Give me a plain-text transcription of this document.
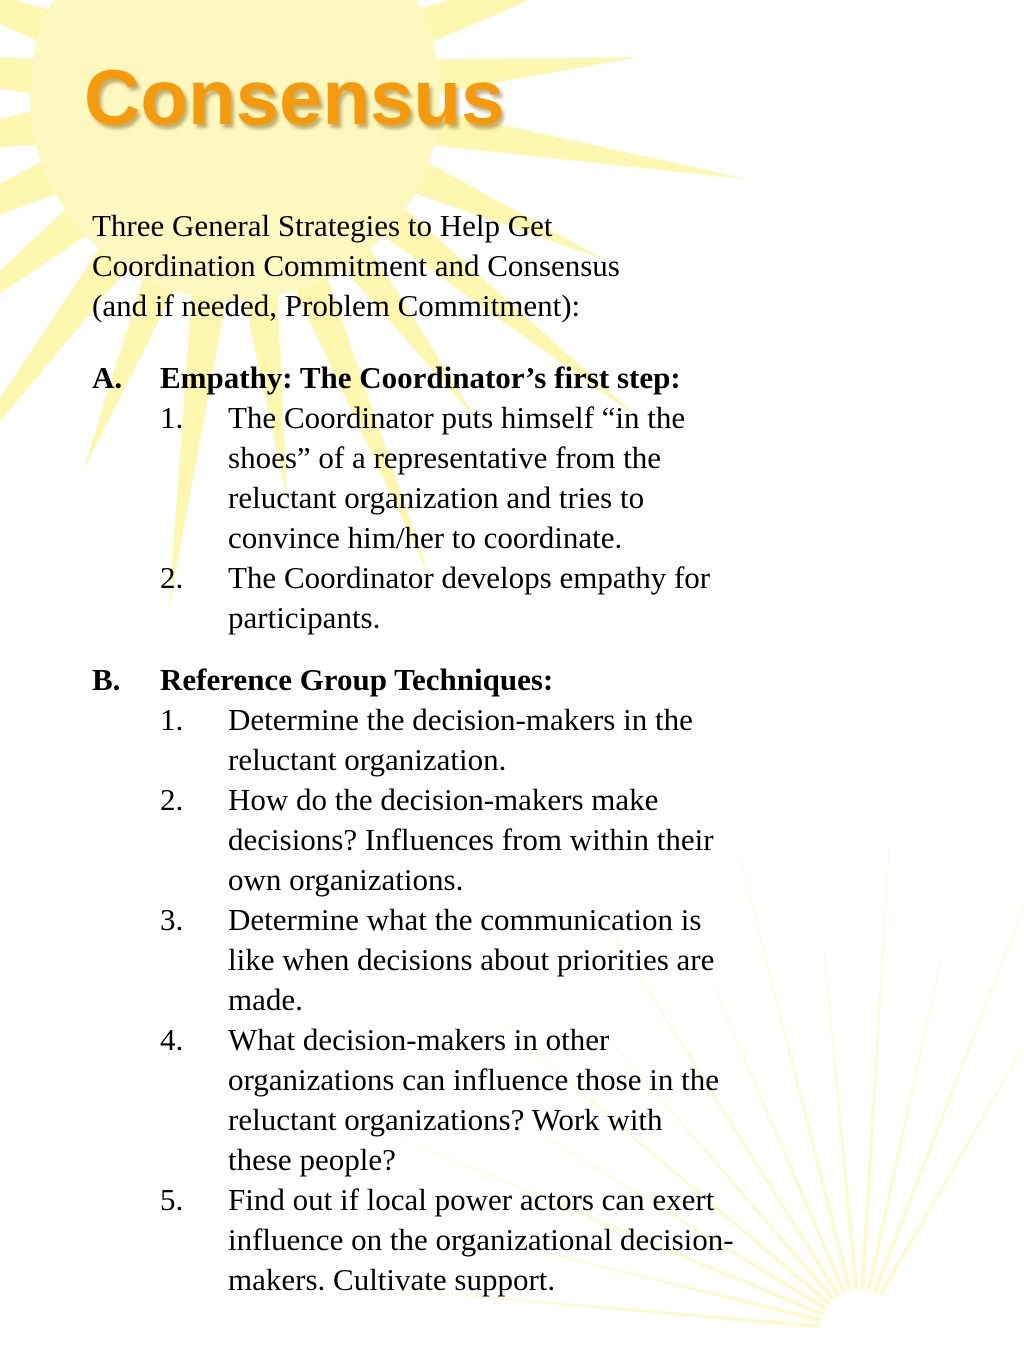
Consensus
Three General Strategies to Help Get
Coordination Commitment and Consensus
(and if needed, Problem Commitment):
A. Empathy: The Coordinator’s first step:
1. The Coordinator puts himself “in the
shoes” of a representative from the
reluctant organization and tries to
convince him/her to coordinate.
2. The Coordinator develops empathy for
participants.
B. Reference Group Techniques:
1. Determine the decision-makers in the
reluctant organization.
2. How do the decision-makers make
decisions? Influences from within their
own organizations.
3. Determine what the communication is
like when decisions about priorities are
made.
4. What decision-makers in other
organizations can influence those in the
reluctant organizations? Work with
these people?
5. Find out if local power actors can exert
influence on the organizational decision-
makers. Cultivate support.
